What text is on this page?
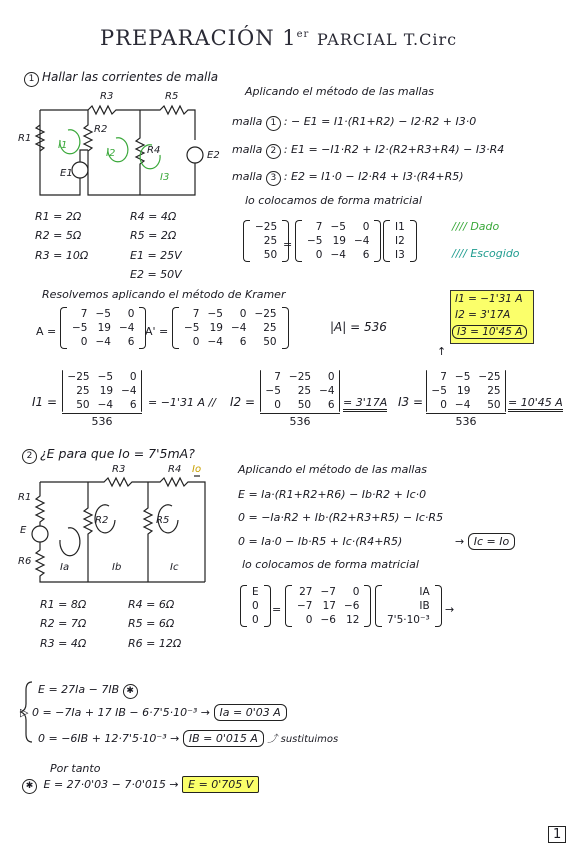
PREPARACIÓN 1er PARCIAL T.Circ
1 Hallar las corrientes de malla
R3	R5
R1
R2
R4
E1
E2
I1
I2
I3
R1 = 2Ω
R2 = 5Ω
R3 = 10Ω
R4 = 4Ω
R5 = 2Ω
E1 = 25V
E2 = 50V
Aplicando el método de las mallas
malla 1 : − E1 = I1·(R1+R2) − I2·R2 + I3·0
malla 2 : E1 = −I1·R2 + I2·(R2+R3+R4) − I3·R4
malla 3 : E2 = I1·0 − I2·R4 + I3·(R4+R5)
lo colocamos de forma matricial
−25
25
50
=
7	−5	0
−5	19	−4
0	−4	6
I1
I2
I3
//// Dado
//// Escogido
Resolvemos aplicando el método de Kramer
A =
7	−5	0
−5	19	−4
0	−4	6
A' =
7	−5	0	−25
−5	19	−4	25
0	−4	6	50
|A| = 536
I1 = −1'31 A
I2 = 3'17A
I3 = 10'45 A
↑
I1 =
−25	−5	0
25	19	−4
50	−4	6
536
= −1'31 A // I2 =
7	−25	0
−5	25	−4
0	50	6
536
= 3'17A I3 =
7	−5	−25
−5	19	25
0	−4	50
536
= 10'45 A
2 ¿E para que Io = 7'5mA?
R3	R4 Io
R1
E
R6
R2	R5
Ia	Ib	Ic
R1 = 8Ω
R2 = 7Ω
R3 = 4Ω
R4 = 6Ω
R5 = 6Ω
R6 = 12Ω
Aplicando el método de las mallas
E = Ia·(R1+R2+R6) − Ib·R2 + Ic·0
0 = −Ia·R2 + Ib·(R2+R3+R5) − Ic·R5
0 = Ia·0 − Ib·R5 + Ic·(R4+R5)	→ Ic = Io
lo colocamos de forma matricial
E
0
0
=
27	−7	0
−7	17	−6
0	−6	12
IA
IB
7'5·10⁻³
→
E = 27Ia − 7IB ✱
▷ 0 = −7Ia + 17 IB − 6·7'5·10⁻³ → Ia = 0'03 A
0 = −6IB + 12·7'5·10⁻³ → IB = 0'015 A ⤴ sustituimos
Por tanto
✱ E = 27·0'03 − 7·0'015 → E = 0'705 V
1
